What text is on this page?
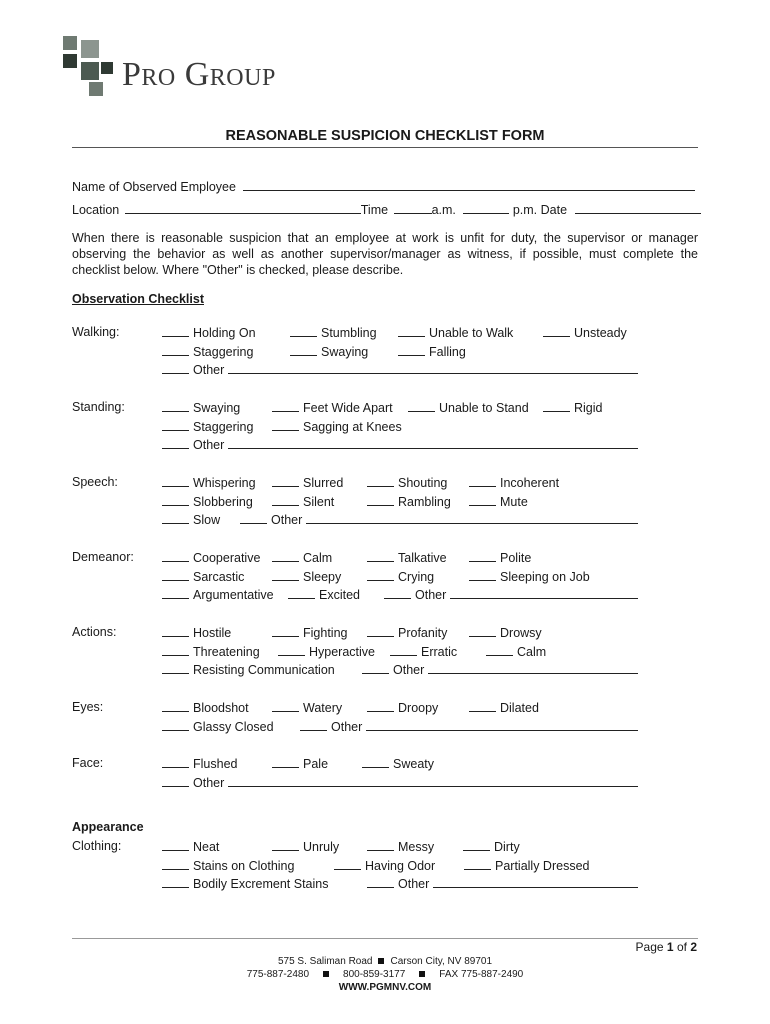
Pro Group
REASONABLE SUSPICION CHECKLIST FORM
Name of Observed Employee
Location	Time	a.m.	p.m. Date
When there is reasonable suspicion that an employee at work is unfit for duty, the supervisor or manager observing the behavior as well as another supervisor/manager as witness, if possible, must complete the checklist below. Where "Other" is checked, please describe.
Observation Checklist
Walking:	Holding On	Stumbling	Unable to Walk	Unsteady
Staggering	Swaying	Falling
Other
Standing:	Swaying	Feet Wide Apart	Unable to Stand	Rigid
Staggering	Sagging at Knees
Other
Speech:	Whispering	Slurred	Shouting	Incoherent
Slobbering	Silent	Rambling	Mute
Slow	Other
Demeanor:	Cooperative	Calm	Talkative	Polite
Sarcastic	Sleepy	Crying	Sleeping on Job
Argumentative	Excited	Other
Actions:	Hostile	Fighting	Profanity	Drowsy
Threatening	Hyperactive	Erratic	Calm
Resisting Communication	Other
Eyes:	Bloodshot	Watery	Droopy	Dilated
Glassy Closed	Other
Face:	Flushed	Pale	Sweaty
Other
Clothing:	Neat	Unruly	Messy	Dirty
Stains on Clothing	Having Odor	Partially Dressed
Bodily Excrement Stains	Other
Appearance
Page 1 of 2
575 S. Saliman Road Carson City, NV 89701
775-887-2480	800-859-3177	FAX 775-887-2490
WWW.PGMNV.COM
